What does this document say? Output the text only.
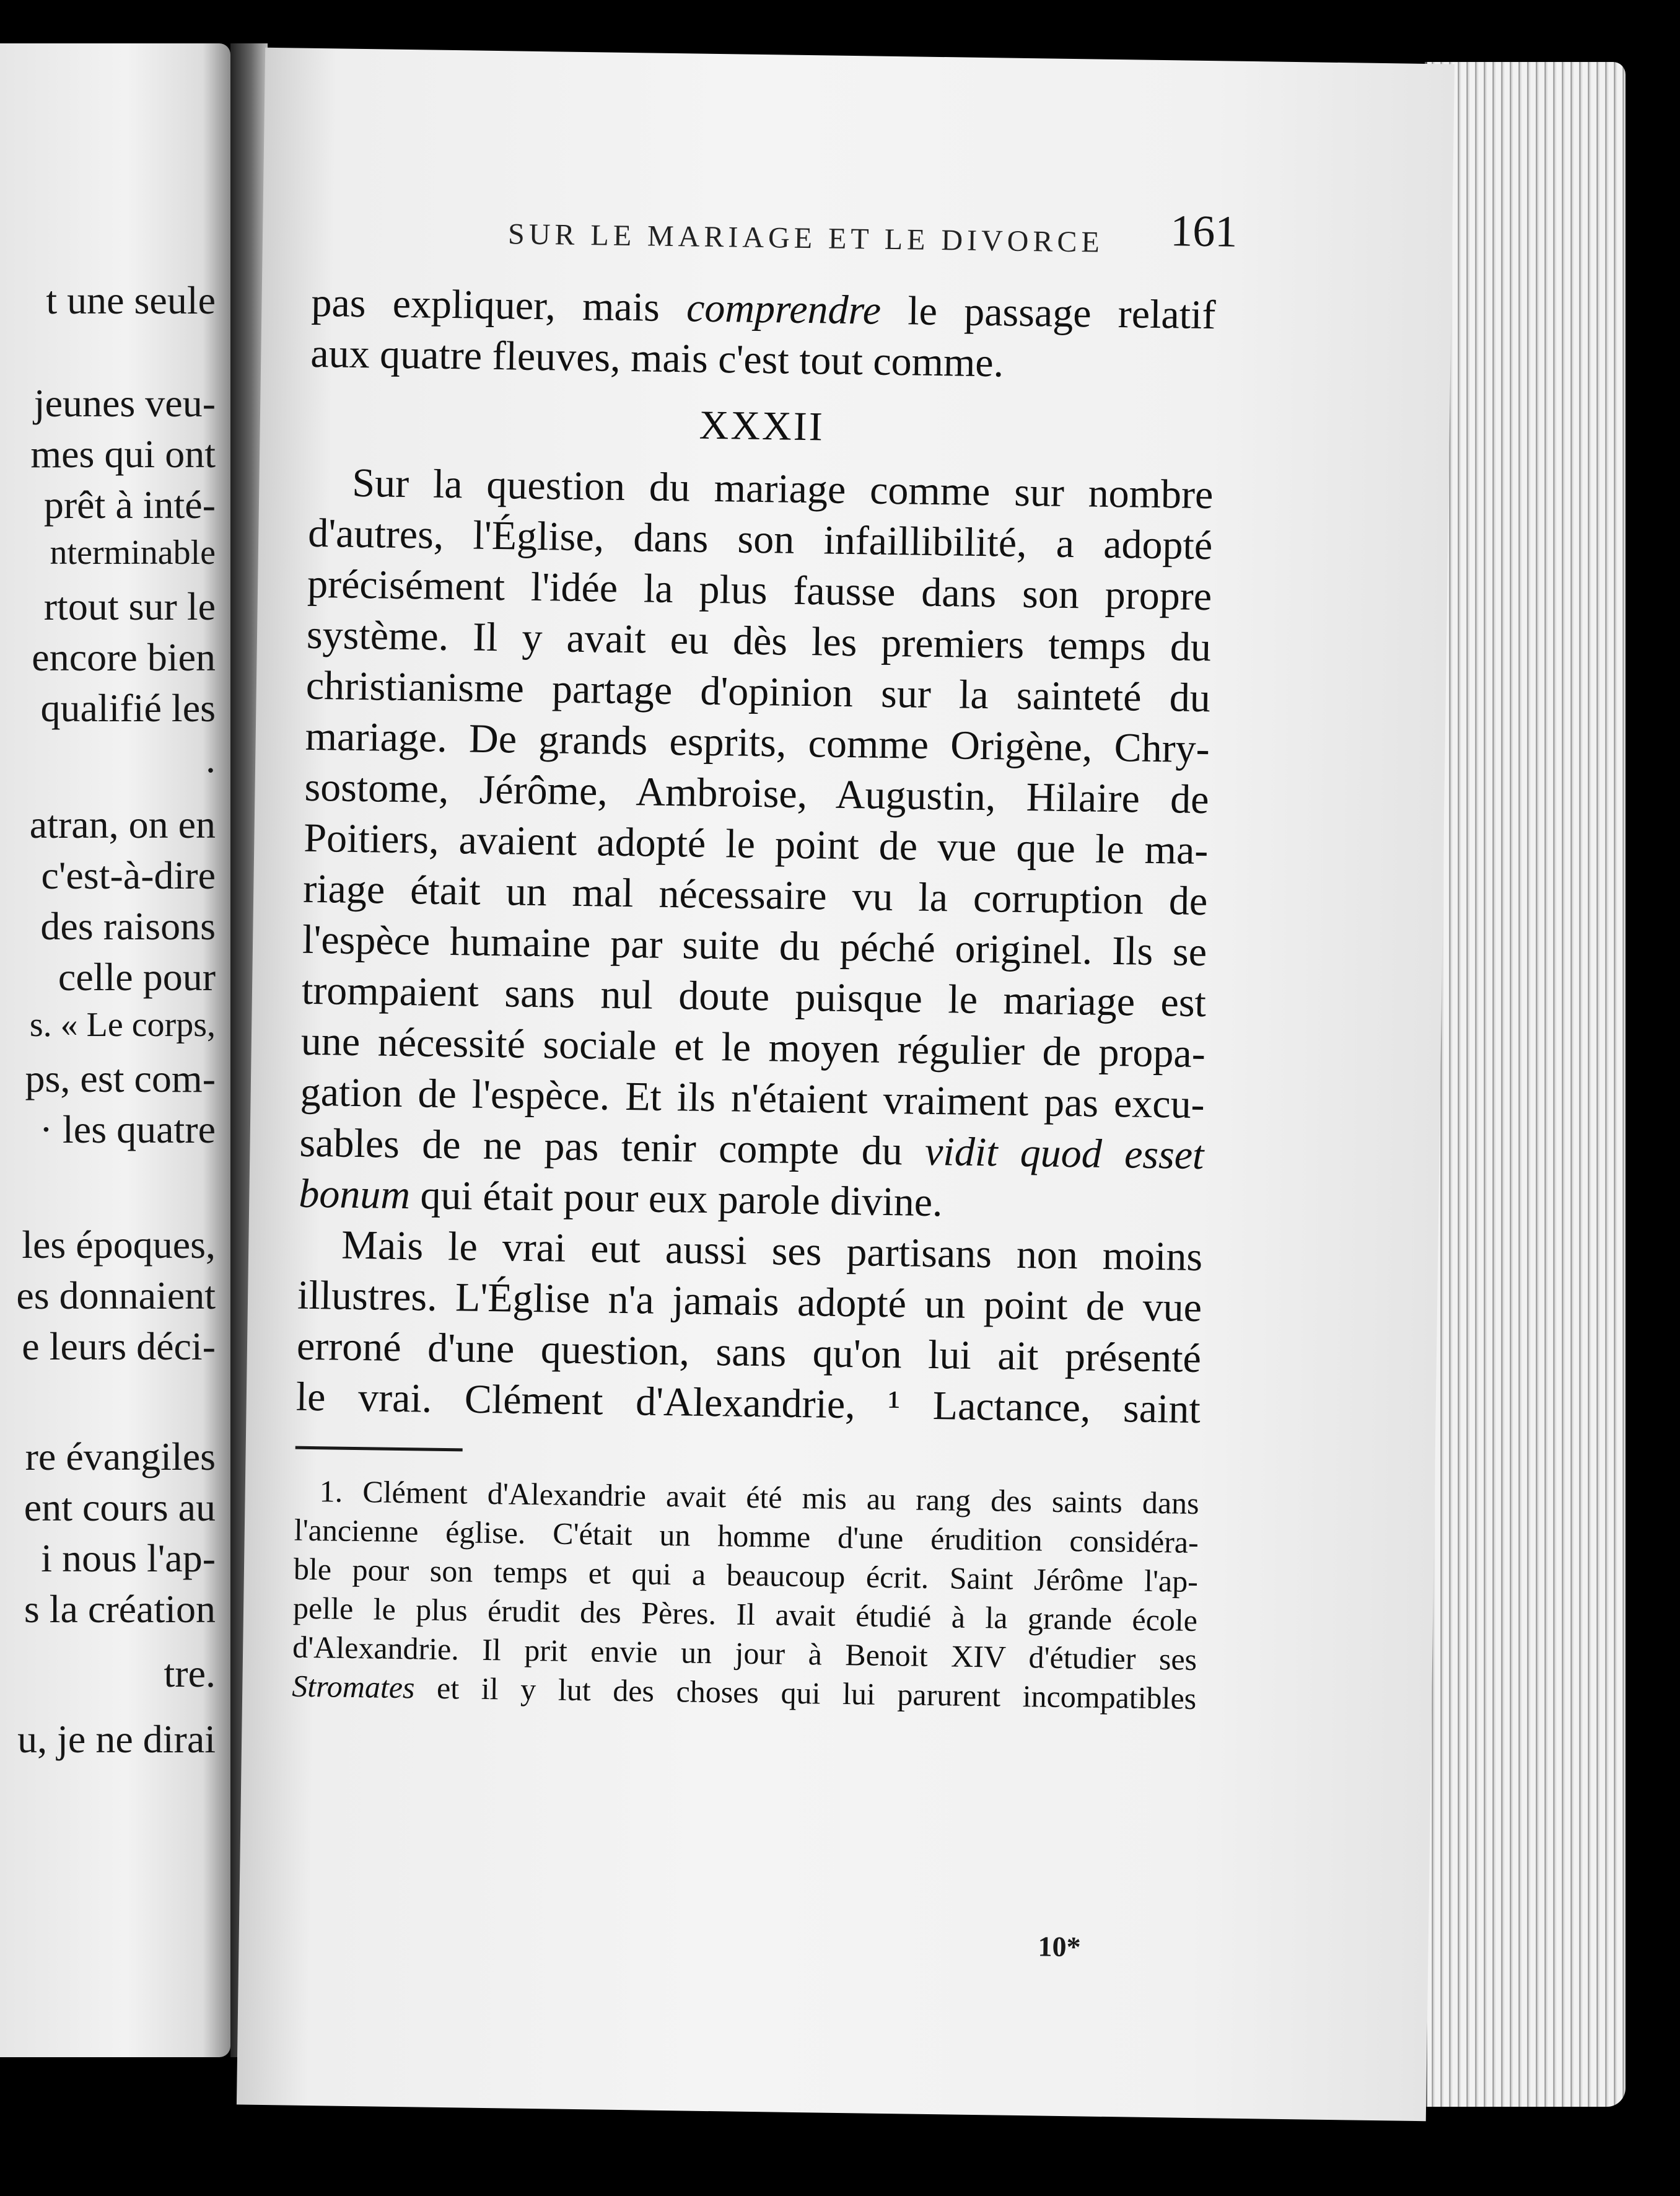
t une seule
jeunes veu-
mes qui ont
prêt à inté-
nterminable
rtout sur le
encore bien
qualifié les
.
atran, on en
c'est-à-dire
des raisons
celle pour
s. « Le corps,
ps, est com-
· les quatre
les époques,
es donnaient
e leurs déci-
re évangiles
ent cours au
i nous l'ap-
s la création
tre.
u, je ne dirai
SUR LE MARIAGE ET LE DIVORCE 161
pas expliquer, mais comprendre le passage relatif
aux quatre fleuves, mais c'est tout comme.
XXXII
Sur la question du mariage comme sur nombre
d'autres, l'Église, dans son infaillibilité, a adopté
précisément l'idée la plus fausse dans son propre
système. Il y avait eu dès les premiers temps du
christianisme partage d'opinion sur la sainteté du
mariage. De grands esprits, comme Origène, Chry-
sostome, Jérôme, Ambroise, Augustin, Hilaire de
Poitiers, avaient adopté le point de vue que le ma-
riage était un mal nécessaire vu la corruption de
l'espèce humaine par suite du péché originel. Ils se
trompaient sans nul doute puisque le mariage est
une nécessité sociale et le moyen régulier de propa-
gation de l'espèce. Et ils n'étaient vraiment pas excu-
sables de ne pas tenir compte du vidit quod esset
bonum qui était pour eux parole divine.
Mais le vrai eut aussi ses partisans non moins
illustres. L'Église n'a jamais adopté un point de vue
erroné d'une question, sans qu'on lui ait présenté
le vrai. Clément d'Alexandrie, ¹ Lactance, saint
1. Clément d'Alexandrie avait été mis au rang des saints dans
l'ancienne église. C'était un homme d'une érudition considéra-
ble pour son temps et qui a beaucoup écrit. Saint Jérôme l'ap-
pelle le plus érudit des Pères. Il avait étudié à la grande école
d'Alexandrie. Il prit envie un jour à Benoit XIV d'étudier ses
Stromates et il y lut des choses qui lui parurent incompatibles
10*
